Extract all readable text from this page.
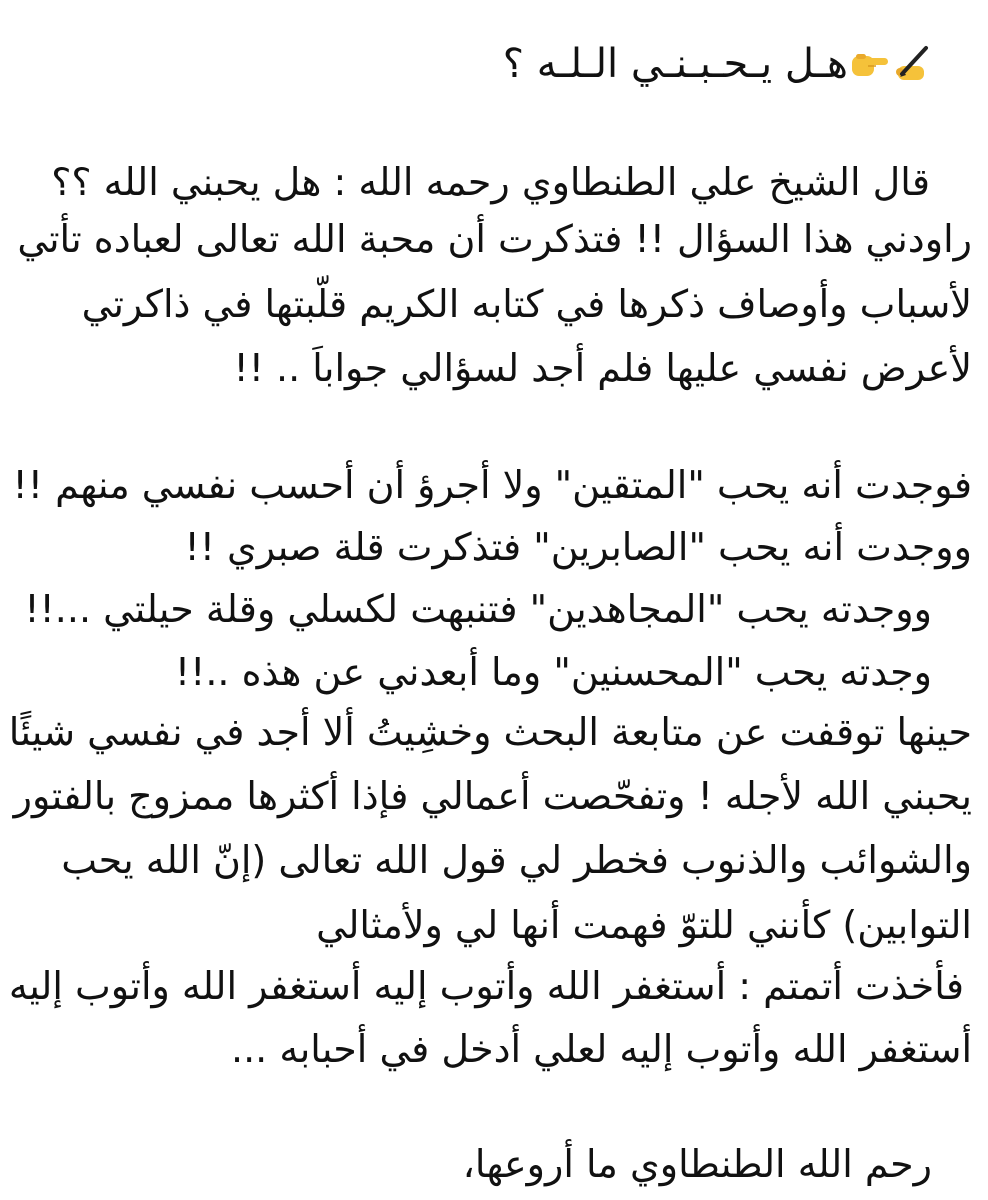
هـل يـحـبـنـي الـلـه ؟
قال الشيخ علي الطنطاوي رحمه الله : هل يحبني الله ؟؟
راودني هذا السؤال !! فتذكرت أن محبة الله تعالى لعباده تأتي
لأسباب وأوصاف ذكرها في كتابه الكريم قلّبتها في ذاكرتي
لأعرض نفسي عليها فلم أجد لسؤالي جواباَ .. !!
فوجدت أنه يحب "المتقين" ولا أجرؤ أن أحسب نفسي منهم !!
ووجدت أنه يحب "الصابرين" فتذكرت قلة صبري !!
ووجدته يحب "المجاهدين" فتنبهت لكسلي وقلة حيلتي ...!!
وجدته يحب "المحسنين" وما أبعدني عن هذه ..!!
حينها توقفت عن متابعة البحث وخشِيتُ ألا أجد في نفسي شيئًا
يحبني الله لأجله ! وتفحّصت أعمالي فإذا أكثرها ممزوج بالفتور
والشوائب والذنوب فخطر لي قول الله تعالى (إنّ الله يحب
التوابين) كأنني للتوّ فهمت أنها لي ولأمثالي
فأخذت أتمتم : أستغفر الله وأتوب إليه أستغفر الله وأتوب إليه
أستغفر الله وأتوب إليه لعلي أدخل في أحبابه ...
رحم الله الطنطاوي ما أروعها،
